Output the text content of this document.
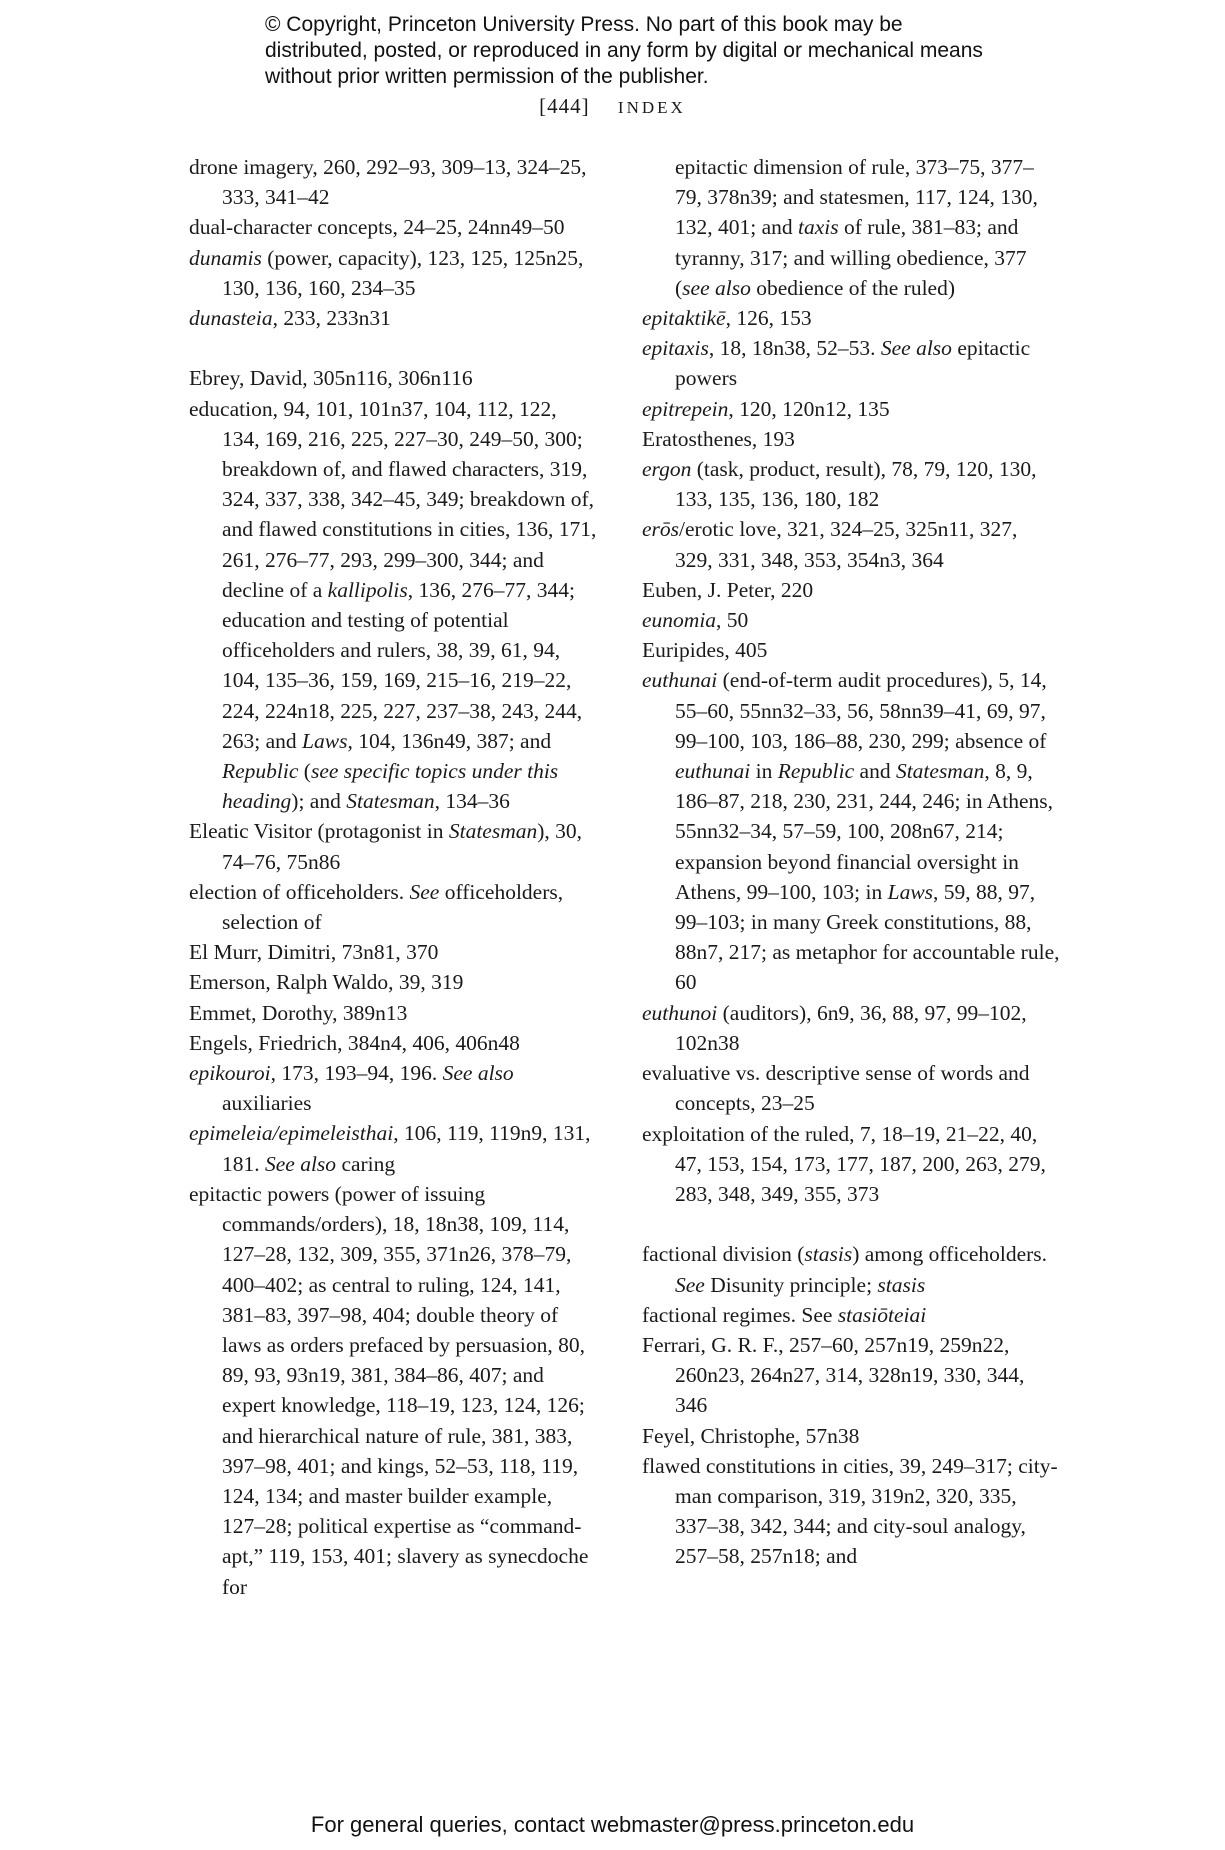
© Copyright, Princeton University Press. No part of this book may be distributed, posted, or reproduced in any form by digital or mechanical means without prior written permission of the publisher.
[444] INDEX
drone imagery, 260, 292–93, 309–13, 324–25, 333, 341–42
dual-character concepts, 24–25, 24nn49–50
dunamis (power, capacity), 123, 125, 125n25, 130, 136, 160, 234–35
dunasteia, 233, 233n31
Ebrey, David, 305n116, 306n116
education, 94, 101, 101n37, 104, 112, 122, 134, 169, 216, 225, 227–30, 249–50, 300; breakdown of, and flawed characters, 319, 324, 337, 338, 342–45, 349; breakdown of, and flawed constitutions in cities, 136, 171, 261, 276–77, 293, 299–300, 344; and decline of a kallipolis, 136, 276–77, 344; education and testing of potential officeholders and rulers, 38, 39, 61, 94, 104, 135–36, 159, 169, 215–16, 219–22, 224, 224n18, 225, 227, 237–38, 243, 244, 263; and Laws, 104, 136n49, 387; and Republic (see specific topics under this heading); and Statesman, 134–36
Eleatic Visitor (protagonist in Statesman), 30, 74–76, 75n86
election of officeholders. See officeholders, selection of
El Murr, Dimitri, 73n81, 370
Emerson, Ralph Waldo, 39, 319
Emmet, Dorothy, 389n13
Engels, Friedrich, 384n4, 406, 406n48
epikouroi, 173, 193–94, 196. See also auxiliaries
epimeleia/epimeleisthai, 106, 119, 119n9, 131, 181. See also caring
epitactic powers (power of issuing commands/orders), 18, 18n38, 109, 114, 127–28, 132, 309, 355, 371n26, 378–79, 400–402; as central to ruling, 124, 141, 381–83, 397–98, 404; double theory of laws as orders prefaced by persuasion, 80, 89, 93, 93n19, 381, 384–86, 407; and expert knowledge, 118–19, 123, 124, 126; and hierarchical nature of rule, 381, 383, 397–98, 401; and kings, 52–53, 118, 119, 124, 134; and master builder example, 127–28; political expertise as “command-apt,” 119, 153, 401; slavery as synecdoche for
epitactic dimension of rule, 373–75, 377–79, 378n39; and statesmen, 117, 124, 130, 132, 401; and taxis of rule, 381–83; and tyranny, 317; and willing obedience, 377 (see also obedience of the ruled)
epitaktikē, 126, 153
epitaxis, 18, 18n38, 52–53. See also epitactic powers
epitrepein, 120, 120n12, 135
Eratosthenes, 193
ergon (task, product, result), 78, 79, 120, 130, 133, 135, 136, 180, 182
erōs/erotic love, 321, 324–25, 325n11, 327, 329, 331, 348, 353, 354n3, 364
Euben, J. Peter, 220
eunomia, 50
Euripides, 405
euthunai (end-of-term audit procedures), 5, 14, 55–60, 55nn32–33, 56, 58nn39–41, 69, 97, 99–100, 103, 186–88, 230, 299; absence of euthunai in Republic and Statesman, 8, 9, 186–87, 218, 230, 231, 244, 246; in Athens, 55nn32–34, 57–59, 100, 208n67, 214; expansion beyond financial oversight in Athens, 99–100, 103; in Laws, 59, 88, 97, 99–103; in many Greek constitutions, 88, 88n7, 217; as metaphor for accountable rule, 60
euthunoi (auditors), 6n9, 36, 88, 97, 99–102, 102n38
evaluative vs. descriptive sense of words and concepts, 23–25
exploitation of the ruled, 7, 18–19, 21–22, 40, 47, 153, 154, 173, 177, 187, 200, 263, 279, 283, 348, 349, 355, 373
factional division (stasis) among officeholders. See Disunity principle; stasis
factional regimes. See stasiōteiai
Ferrari, G. R. F., 257–60, 257n19, 259n22, 260n23, 264n27, 314, 328n19, 330, 344, 346
Feyel, Christophe, 57n38
flawed constitutions in cities, 39, 249–317; city-man comparison, 319, 319n2, 320, 335, 337–38, 342, 344; and city-soul analogy, 257–58, 257n18; and
For general queries, contact webmaster@press.princeton.edu
